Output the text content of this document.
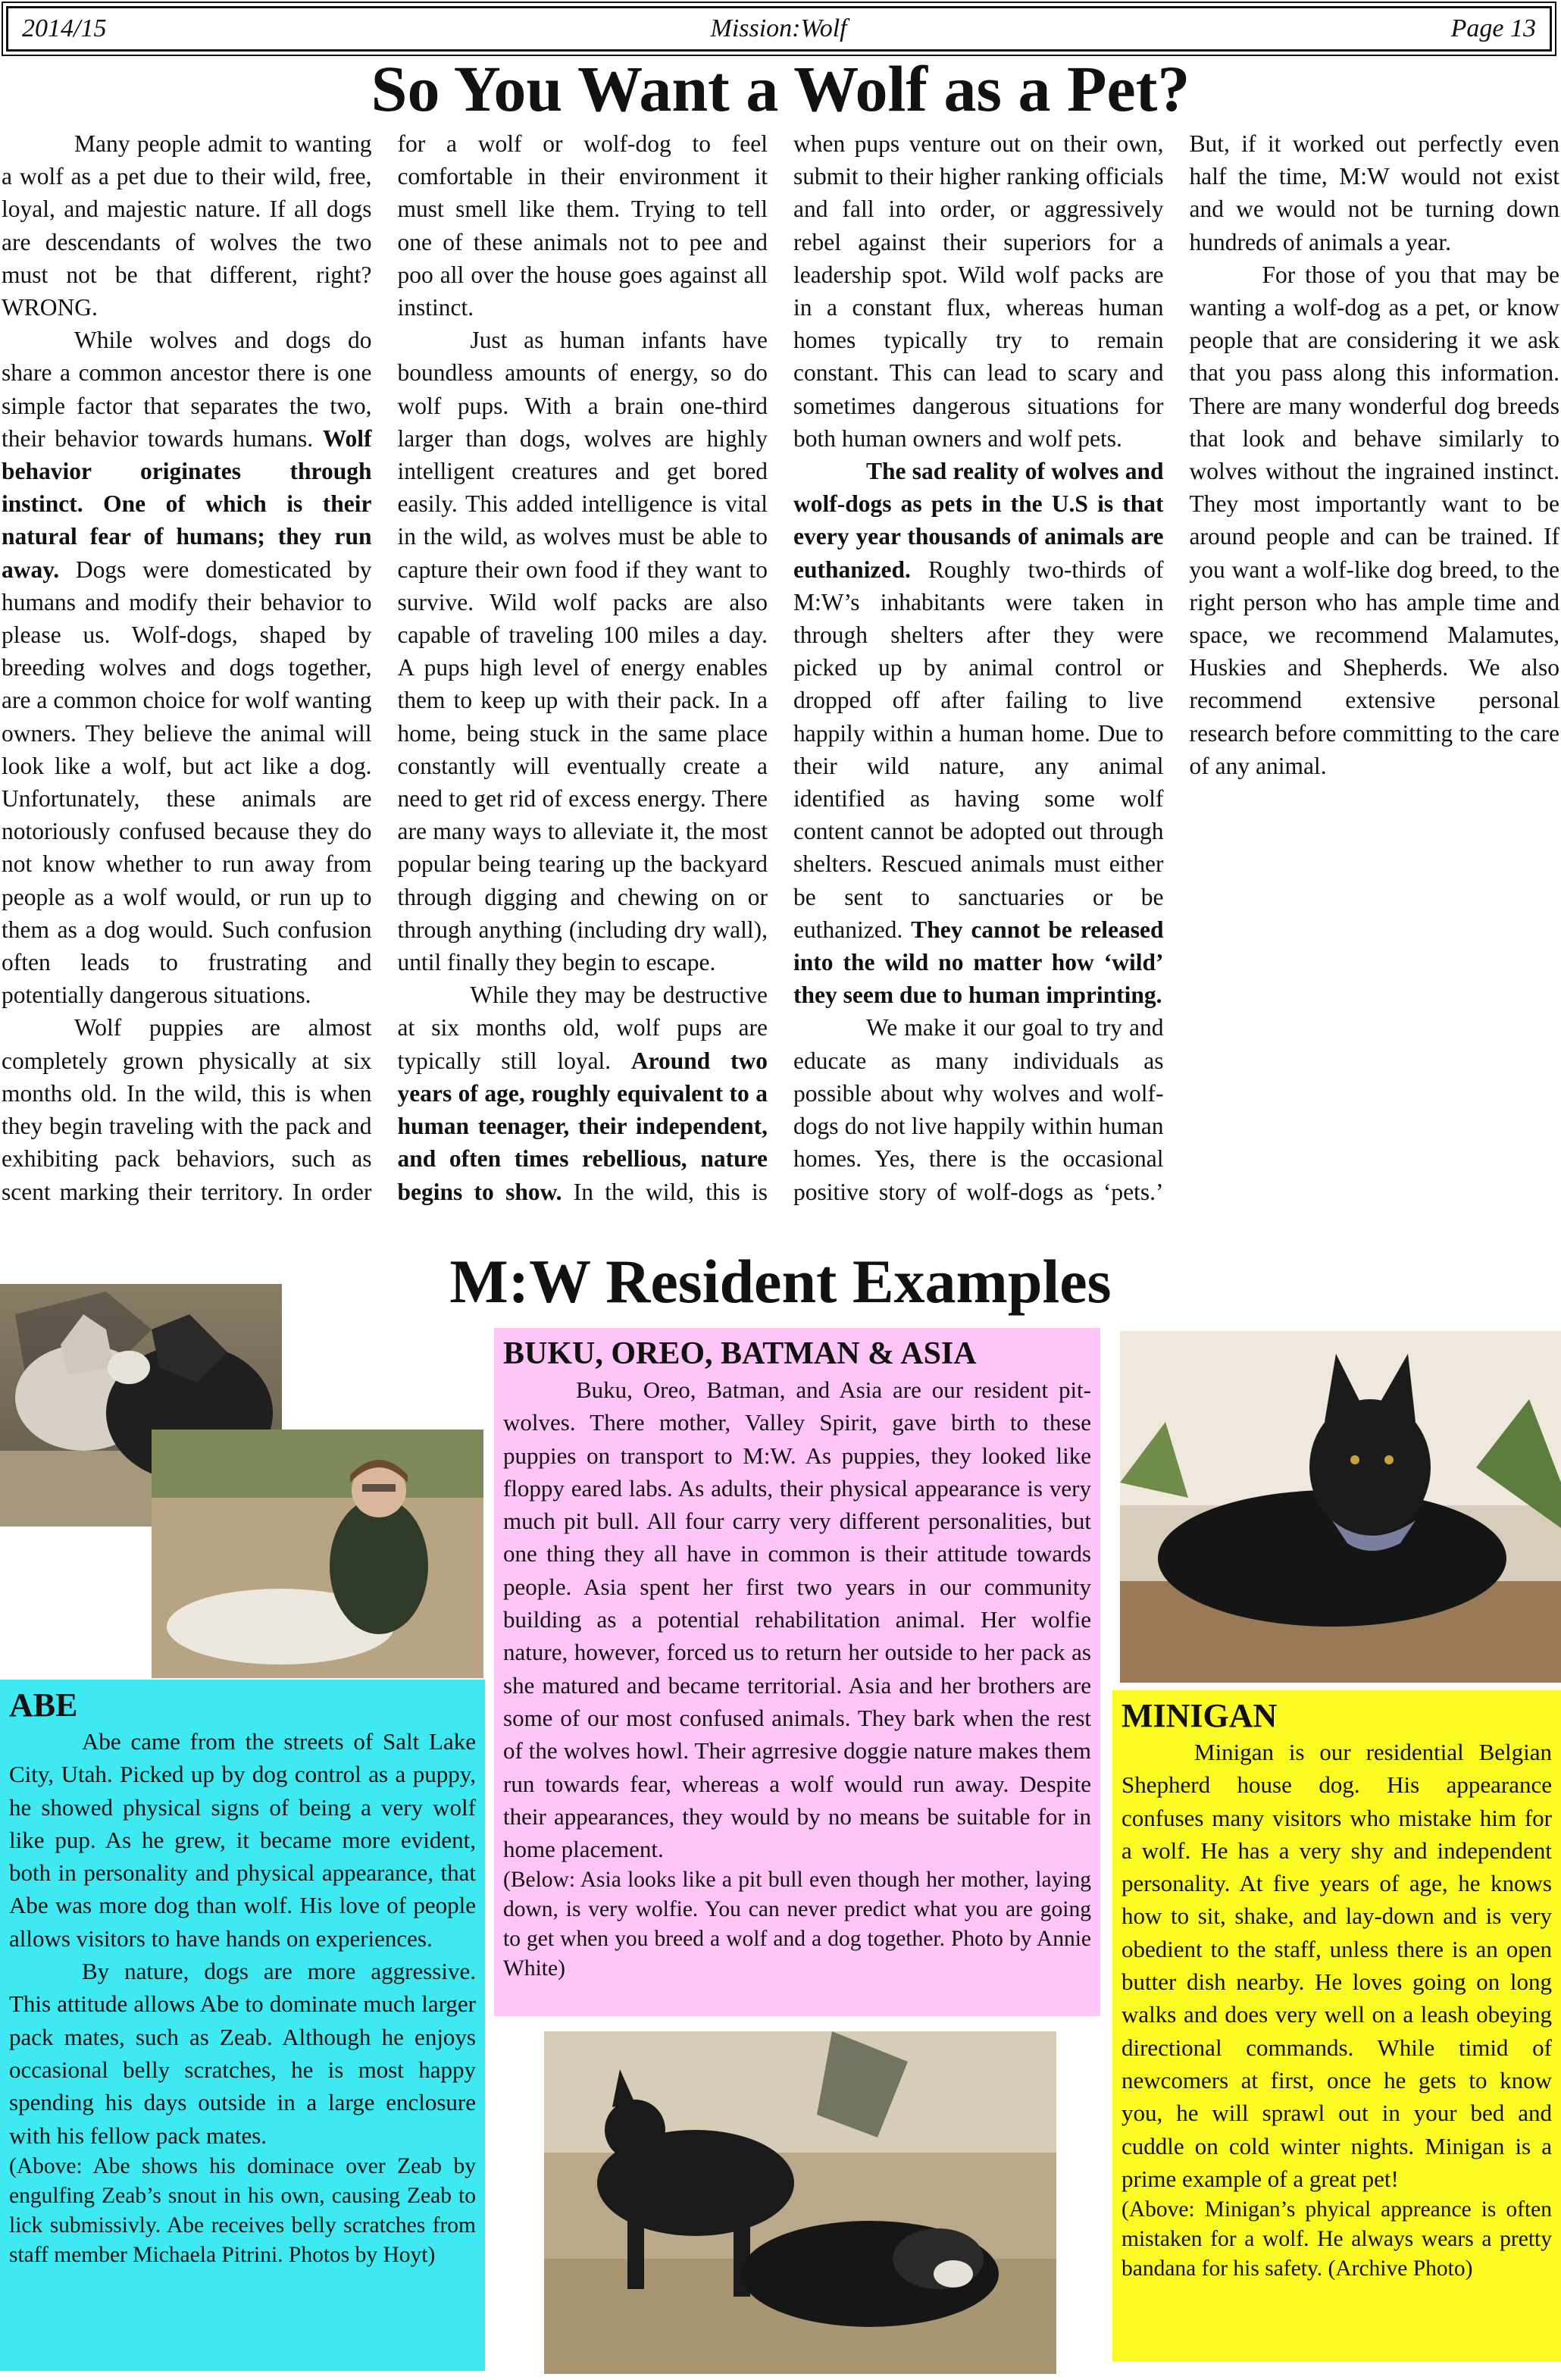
2014/15	Mission:Wolf	Page 13
So You Want a Wolf as a Pet?

Many people admit to wanting a wolf as a pet due to their wild, free, loyal, and majestic nature. If all dogs are descendants of wolves the two must not be that different, right? WRONG.

While wolves and dogs do share a common ancestor there is one simple factor that separates the two, their behavior towards humans. Wolf behavior originates through instinct. One of which is their natural fear of humans; they run away. Dogs were domesticated by humans and modify their behavior to please us. Wolf-dogs, shaped by breeding wolves and dogs together, are a common choice for wolf wanting owners. They believe the animal will look like a wolf, but act like a dog. Unfortunately, these animals are notoriously confused because they do not know whether to run away from people as a wolf would, or run up to them as a dog would. Such confusion often leads to frustrating and potentially dangerous situations.

Wolf puppies are almost completely grown physically at six months old. In the wild, this is when they begin traveling with the pack and exhibiting pack behaviors, such as scent marking their territory. In order for a wolf or wolf-dog to feel comfortable in their environment it must smell like them. Trying to tell one of these animals not to pee and poo all over the house goes against all instinct.

Just as human infants have boundless amounts of energy, so do wolf pups. With a brain one-third larger than dogs, wolves are highly intelligent creatures and get bored easily. This added intelligence is vital in the wild, as wolves must be able to capture their own food if they want to survive. Wild wolf packs are also capable of traveling 100 miles a day. A pups high level of energy enables them to keep up with their pack. In a home, being stuck in the same place constantly will eventually create a need to get rid of excess energy. There are many ways to alleviate it, the most popular being tearing up the backyard through digging and chewing on or through anything (including dry wall), until finally they begin to escape.

While they may be destructive at six months old, wolf pups are typically still loyal. Around two years of age, roughly equivalent to a human teenager, their independent, and often times rebellious, nature begins to show. In the wild, this is when pups venture out on their own, submit to their higher ranking officials and fall into order, or aggressively rebel against their superiors for a leadership spot. Wild wolf packs are in a constant flux, whereas human homes typically try to remain constant. This can lead to scary and sometimes dangerous situations for both human owners and wolf pets.

The sad reality of wolves and wolf-dogs as pets in the U.S is that every year thousands of animals are euthanized. Roughly two-thirds of M:W’s inhabitants were taken in through shelters after they were picked up by animal control or dropped off after failing to live happily within a human home. Due to their wild nature, any animal identified as having some wolf content cannot be adopted out through shelters. Rescued animals must either be sent to sanctuaries or be euthanized. They cannot be released into the wild no matter how ‘wild’ they seem due to human imprinting.

We make it our goal to try and educate as many individuals as possible about why wolves and wolf-dogs do not live happily within human homes. Yes, there is the occasional positive story of wolf-dogs as ‘pets.’ But, if it worked out perfectly even half the time, M:W would not exist and we would not be turning down hundreds of animals a year.

For those of you that may be wanting a wolf-dog as a pet, or know people that are considering it we ask that you pass along this information. There are many wonderful dog breeds that look and behave similarly to wolves without the ingrained instinct. They most importantly want to be around people and can be trained. If you want a wolf-like dog breed, to the right person who has ample time and space, we recommend Malamutes, Huskies and Shepherds. We also recommend extensive personal research before committing to the care of any animal.

M:W Resident Examples
ABE

Abe came from the streets of Salt Lake City, Utah. Picked up by dog control as a puppy, he showed physical signs of being a very wolf like pup. As he grew, it became more evident, both in personality and physical appearance, that Abe was more dog than wolf. His love of people allows visitors to have hands on experiences.

By nature, dogs are more aggressive. This attitude allows Abe to dominate much larger pack mates, such as Zeab. Although he enjoys occasional belly scratches, he is most happy spending his days outside in a large enclosure with his fellow pack mates.

(Above: Abe shows his dominace over Zeab by engulfing Zeab’s snout in his own, causing Zeab to lick submissivly. Abe receives belly scratches from staff member Michaela Pitrini. Photos by Hoyt)

BUKU, OREO, BATMAN & ASIA

Buku, Oreo, Batman, and Asia are our resident pit-wolves. There mother, Valley Spirit, gave birth to these puppies on transport to M:W. As puppies, they looked like floppy eared labs. As adults, their physical appearance is very much pit bull. All four carry very different personalities, but one thing they all have in common is their attitude towards people. Asia spent her first two years in our community building as a potential rehabilitation animal. Her wolfie nature, however, forced us to return her outside to her pack as she matured and became territorial. Asia and her brothers are some of our most confused animals. They bark when the rest of the wolves howl. Their agrresive doggie nature makes them run towards fear, whereas a wolf would run away. Despite their appearances, they would by no means be suitable for in home placement.

(Below: Asia looks like a pit bull even though her mother, laying down, is very wolfie. You can never predict what you are going to get when you breed a wolf and a dog together. Photo by Annie White)

MINIGAN

Minigan is our residential Belgian Shepherd house dog. His appearance confuses many visitors who mistake him for a wolf. He has a very shy and independent personality. At five years of age, he knows how to sit, shake, and lay-down and is very obedient to the staff, unless there is an open butter dish nearby. He loves going on long walks and does very well on a leash obeying directional commands. While timid of newcomers at first, once he gets to know you, he will sprawl out in your bed and cuddle on cold winter nights. Minigan is a prime example of a great pet!

(Above: Minigan’s phyical appreance is often mistaken for a wolf. He always wears a pretty bandana for his safety. (Archive Photo)
